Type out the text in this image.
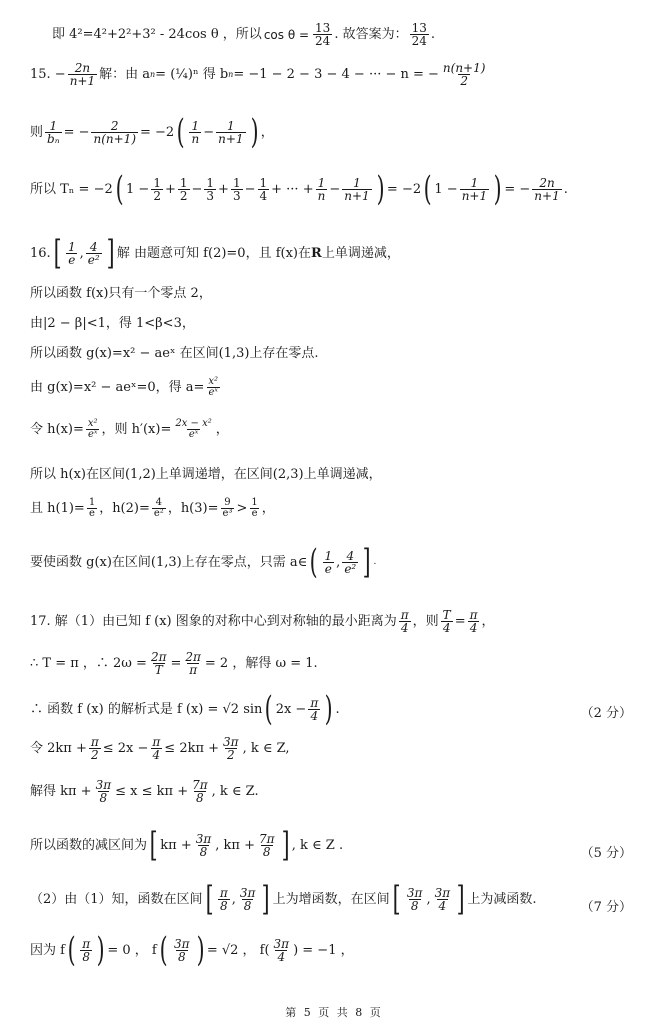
即 4²=4²+2²+3² - 24cos θ ，所以 $\cos \theta = \frac{13}{24}$ . 故答案为： $\frac{13}{24}$ .
15. − $\frac{2n}{n+1}$ 解：由 a n = (¼)ⁿ 得 b n = −1 − 2 − 3 − 4 − ··· − n = − $\frac{n(n+1)}{2}$
则 $\frac{1}{\text{bₙ}}$ = − $\frac{2}{n(n+1)} = -2$ ( $\frac{1}{n} - \frac{1}{n+1}$ ) ，
所以 Tₙ = −2 ( $1 - \frac{1}{2} + \frac{1}{2} - \frac{1}{3} + \frac{1}{3} - \frac{1}{4}$ + ··· + $\frac{1}{n} - \frac{1}{n+1}$ ) = −2 ( $1 - \frac{1}{n+1}$ ) = − $\frac{2n}{n+1}$ .
16. [ $\frac{1}{e}$ , $\frac{4}{\text{e²}}$ ] 解 由题意可知 f(2)=0，且 f(x)在 R 上单调递减，
所以函数 f(x)只有一个零点 2，
由|2 − β|<1，得 1<β<3，
所以函数 g(x)=x² − aeˣ 在区间(1,3)上存在零点.
由 g(x)=x² − aeˣ=0，得 $a= \frac{\text{x²}}{\text{eˣ}}$
令 $h(x)= \frac{\text{x²}}{\text{eˣ}}$ ，则 $h'(x)= \frac{\text{2x − x²}}{\text{eˣ}}$ ，
所以 h(x)在区间(1,2)上单调递增，在区间(2,3)上单调递减，
且 $h(1)= \frac{1}{e}$ ，$h(2)= \frac{4}{\text{e²}}$ ，$h(3)= \frac{9}{\text{e³}} > \frac{1}{e}$ ，
要使函数 g(x)在区间(1,3)上存在零点，只需 a∈ ( $\frac{1}{e}$ , $\frac{4}{\text{e²}}$ ] .
17. 解（1）由已知 f (x) 图象的对称中心到对称轴的最小距离为 $\frac{\pi}{4}$ ，则 $\frac{T}{4} = \frac{\pi}{4}$ ，
∴ T = π ，∴ $2\omega = \frac{2\pi}{T} = \frac{2\pi}{\pi} = 2$ ，解得 ω = 1.
∴ 函数 f (x) 的解析式是 f (x) = √2 sin ( $2x - \frac{\pi}{4}$ ) .	（2 分）
令 $2k\pi + \frac{\pi}{2} \le 2x - \frac{\pi}{4} \le 2k\pi + \frac{3\pi}{2}$ , k ∈ Z,
解得 $k\pi + \frac{3\pi}{8} \le x \le k\pi + \frac{7\pi}{8}$ , k ∈ Z.
所以函数的减区间为 [ $k\pi + \frac{3\pi}{8}$ , $k\pi + \frac{7\pi}{8}$ ] , k ∈ Z .
（5 分）
（2）由（1）知，函数在区间 [ $\frac{\pi}{8}$ , $\frac{3\pi}{8}$ ] 上为增函数，在区间 [ $\frac{3\pi}{8}$ , $\frac{3\pi}{4}$ ] 上为减函数.
（7 分）
因为 f ( $\frac{\pi}{8}$ ) = 0 ， f ( $\frac{3\pi}{8}$ ) = √2 ， $f( \frac{3\pi}{4}$ ) = −1 ，
第 5 页 共 8 页
